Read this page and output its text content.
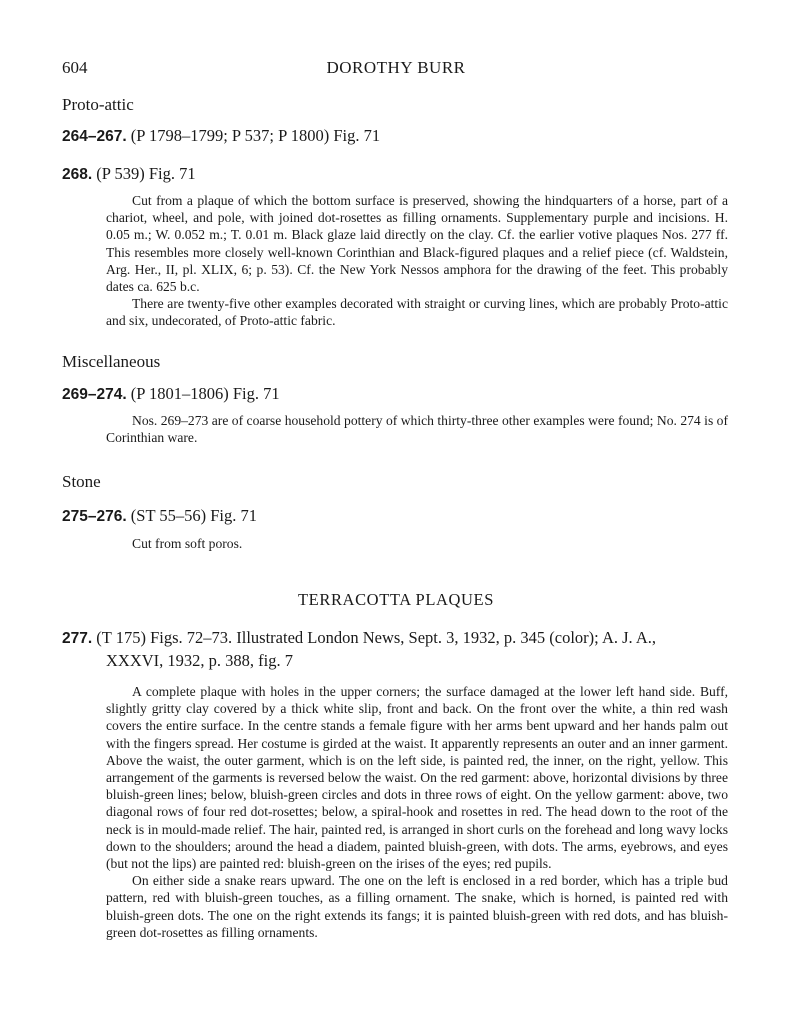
604	DOROTHY BURR
Proto-attic
264–267. (P 1798–1799; P 537; P 1800) Fig. 71
268. (P 539) Fig. 71

Cut from a plaque of which the bottom surface is preserved, showing the hindquarters of a horse, part of a chariot, wheel, and pole, with joined dot-rosettes as filling ornaments. Supplementary purple and incisions. H. 0.05 m.; W. 0.052 m.; T. 0.01 m. Black glaze laid directly on the clay. Cf. the earlier votive plaques Nos. 277 ff. This resembles more closely well-known Corinthian and Black-figured plaques and a relief piece (cf. Waldstein, Arg. Her., II, pl. XLIX, 6; p. 53). Cf. the New York Nessos amphora for the drawing of the feet. This probably dates ca. 625 b.c.

There are twenty-five other examples decorated with straight or curving lines, which are probably Proto-attic and six, undecorated, of Proto-attic fabric.

Miscellaneous
269–274. (P 1801–1806) Fig. 71

Nos. 269–273 are of coarse household pottery of which thirty-three other examples were found; No. 274 is of Corinthian ware.

Stone
275–276. (ST 55–56) Fig. 71

Cut from soft poros.

TERRACOTTA PLAQUES
277. (T 175) Figs. 72–73. Illustrated London News, Sept. 3, 1932, p. 345 (color); A. J. A.,
XXXVI, 1932, p. 388, fig. 7

A complete plaque with holes in the upper corners; the surface damaged at the lower left hand side. Buff, slightly gritty clay covered by a thick white slip, front and back. On the front over the white, a thin red wash covers the entire surface. In the centre stands a female figure with her arms bent upward and her hands palm out with the fingers spread. Her costume is girded at the waist. It apparently represents an outer and an inner garment. Above the waist, the outer garment, which is on the left side, is painted red, the inner, on the right, yellow. This arrangement of the garments is reversed below the waist. On the red garment: above, horizontal divisions by three bluish-green lines; below, bluish-green circles and dots in three rows of eight. On the yellow garment: above, two diagonal rows of four red dot-rosettes; below, a spiral-hook and rosettes in red. The head down to the root of the neck is in mould-made relief. The hair, painted red, is arranged in short curls on the forehead and long wavy locks down to the shoulders; around the head a diadem, painted bluish-green, with dots. The arms, eyebrows, and eyes (but not the lips) are painted red: bluish-green on the irises of the eyes; red pupils.

On either side a snake rears upward. The one on the left is enclosed in a red border, which has a triple bud pattern, red with bluish-green touches, as a filling ornament. The snake, which is horned, is painted red with bluish-green dots. The one on the right extends its fangs; it is painted bluish-green with red dots, and has bluish-green dot-rosettes as filling ornaments.
